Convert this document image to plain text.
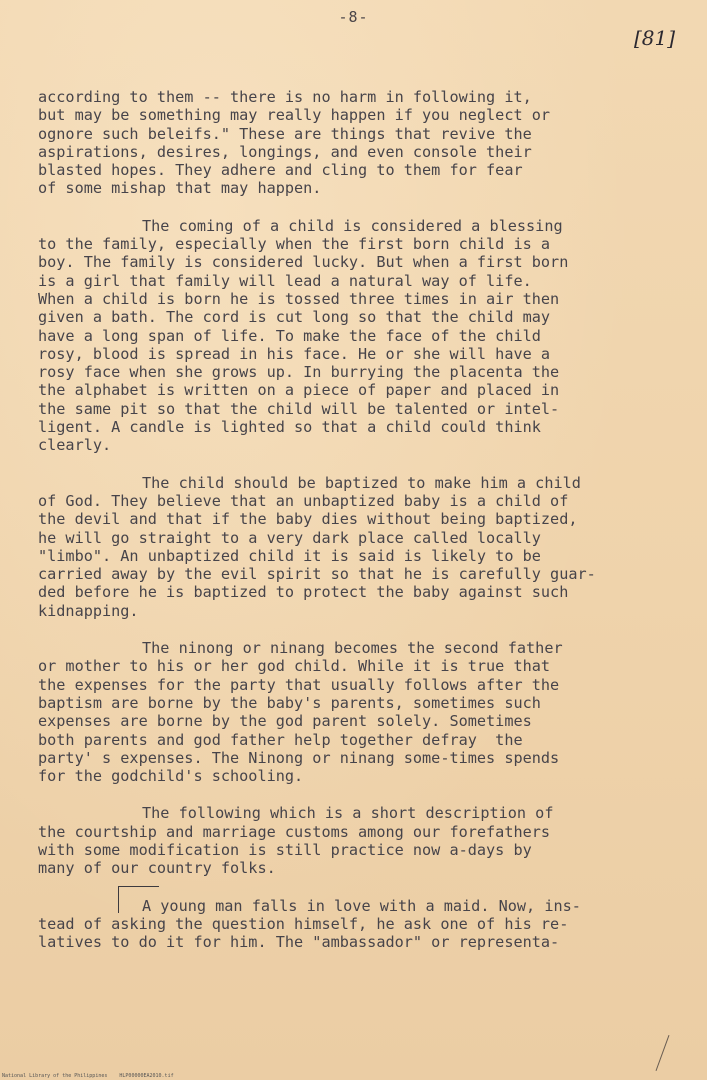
-8-
[81]
according to them -- there is no harm in following it,
but may be something may really happen if you neglect or
ognore such beleifs." These are things that revive the
aspirations, desires, longings, and even console their
blasted hopes. They adhere and cling to them for fear
of some mishap that may happen.
The coming of a child is considered a blessing
to the family, especially when the first born child is a
boy. The family is considered lucky. But when a first born
is a girl that family will lead a natural way of life.
When a child is born he is tossed three times in air then
given a bath. The cord is cut long so that the child may
have a long span of life. To make the face of the child
rosy, blood is spread in his face. He or she will have a
rosy face when she grows up. In burrying the placenta the
the alphabet is written on a piece of paper and placed in
the same pit so that the child will be talented or intel-
ligent. A candle is lighted so that a child could think
clearly.
The child should be baptized to make him a child
of God. They believe that an unbaptized baby is a child of
the devil and that if the baby dies without being baptized,
he will go straight to a very dark place called locally
"limbo". An unbaptized child it is said is likely to be
carried away by the evil spirit so that he is carefully guar-
ded before he is baptized to protect the baby against such
kidnapping.
The ninong or ninang becomes the second father
or mother to his or her god child. While it is true that
the expenses for the party that usually follows after the
baptism are borne by the baby's parents, sometimes such
expenses are borne by the god parent solely. Sometimes
both parents and god father help together defray  the
party' s expenses. The Ninong or ninang some-times spends
for the godchild's schooling.
The following which is a short description of
the courtship and marriage customs among our forefathers
with some modification is still practice now a-days by
many of our country folks.
A young man falls in love with a maid. Now, ins-
tead of asking the question himself, he ask one of his re-
latives to do it for him. The "ambassador" or representa-
National Library of the Philippines    HLP00000EA2010.tif
